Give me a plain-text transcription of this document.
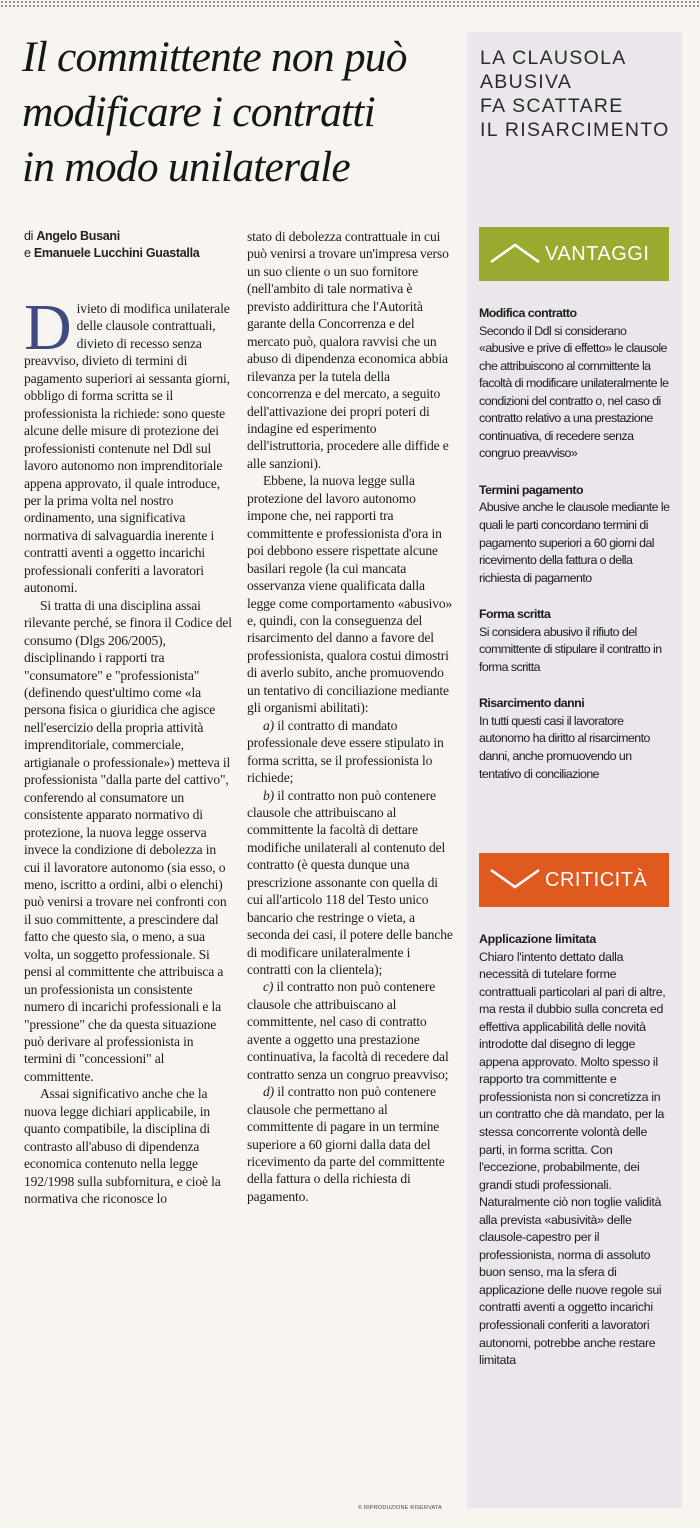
Il committente non può
modificare i contratti
in modo unilaterale
di Angelo Busani
e Emanuele Lucchini Guastalla

Divieto di modifica unilaterale delle clausole contrattuali, divieto di recesso senza preavviso, divieto di termini di pagamento superiori ai sessanta giorni, obbligo di forma scritta se il professionista la richiede: sono queste alcune delle misure di protezione dei professionisti contenute nel Ddl sul lavoro autonomo non imprenditoriale appena approvato, il quale introduce, per la prima volta nel nostro ordinamento, una significativa normativa di salvaguardia inerente i contratti aventi a oggetto incarichi professionali conferiti a lavoratori autonomi.

Si tratta di una disciplina assai rilevante perché, se finora il Codice del consumo (Dlgs 206/2005), disciplinando i rapporti tra "consumatore" e "professionista" (definendo quest'ultimo come «la persona fisica o giuridica che agisce nell'esercizio della propria attività imprenditoriale, commerciale, artigianale o professionale») metteva il professionista "dalla parte del cattivo", conferendo al consumatore un consistente apparato normativo di protezione, la nuova legge osserva invece la condizione di debolezza in cui il lavoratore autonomo (sia esso, o meno, iscritto a ordini, albi o elenchi) può venirsi a trovare nei confronti con il suo committente, a prescindere dal fatto che questo sia, o meno, a sua volta, un soggetto professionale. Si pensi al committente che attribuisca a un professionista un consistente numero di incarichi professionali e la "pressione" che da questa situazione può derivare al professionista in termini di "concessioni" al committente.

Assai significativo anche che la nuova legge dichiari applicabile, in quanto compatibile, la disciplina di contrasto all'abuso di dipendenza economica contenuto nella legge 192/1998 sulla subfornitura, e cioè la normativa che riconosce lo

stato di debolezza contrattuale in cui può venirsi a trovare un'impresa verso un suo cliente o un suo fornitore (nell'ambito di tale normativa è previsto addirittura che l'Autorità garante della Concorrenza e del mercato può, qualora ravvisi che un abuso di dipendenza economica abbia rilevanza per la tutela della concorrenza e del mercato, a seguito dell'attivazione dei propri poteri di indagine ed esperimento dell'istruttoria, procedere alle diffide e alle sanzioni).

Ebbene, la nuova legge sulla protezione del lavoro autonomo impone che, nei rapporti tra committente e professionista d'ora in poi debbono essere rispettate alcune basilari regole (la cui mancata osservanza viene qualificata dalla legge come comportamento «abusivo» e, quindi, con la conseguenza del risarcimento del danno a favore del professionista, qualora costui dimostri di averlo subito, anche promuovendo un tentativo di conciliazione mediante gli organismi abilitati):

a) il contratto di mandato professionale deve essere stipulato in forma scritta, se il professionista lo richiede;

b) il contratto non può contenere clausole che attribuiscano al committente la facoltà di dettare modifiche unilaterali al contenuto del contratto (è questa dunque una prescrizione assonante con quella di cui all'articolo 118 del Testo unico bancario che restringe o vieta, a seconda dei casi, il potere delle banche di modificare unilateralmente i contratti con la clientela);

c) il contratto non può contenere clausole che attribuiscano al committente, nel caso di contratto avente a oggetto una prestazione continuativa, la facoltà di recedere dal contratto senza un congruo preavviso;

d) il contratto non può contenere clausole che permettano al committente di pagare in un termine superiore a 60 giorni dalla data del ricevimento da parte del committente della fattura o della richiesta di pagamento.

© RIPRODUZIONE RISERVATA
LA CLAUSOLA
ABUSIVA
FA SCATTARE
IL RISARCIMENTO
VANTAGGI
Modifica contratto
Secondo il Ddl si considerano «abusive e prive di effetto» le clausole che attribuiscono al committente la facoltà di modificare unilateralmente le condizioni del contratto o, nel caso di contratto relativo a una prestazione continuativa, di recedere senza congruo preavviso»
Termini pagamento
Abusive anche le clausole mediante le quali le parti concordano termini di pagamento superiori a 60 giorni dal ricevimento della fattura o della richiesta di pagamento
Forma scritta
Si considera abusivo il rifiuto del committente di stipulare il contratto in forma scritta
Risarcimento danni
In tutti questi casi il lavoratore autonomo ha diritto al risarcimento danni, anche promuovendo un tentativo di conciliazione
CRITICITÀ
Applicazione limitata
Chiaro l'intento dettato dalla necessità di tutelare forme contrattuali particolari al pari di altre, ma resta il dubbio sulla concreta ed effettiva applicabilità delle novità introdotte dal disegno di legge appena approvato. Molto spesso il rapporto tra committente e professionista non si concretizza in un contratto che dà mandato, per la stessa concorrente volontà delle parti, in forma scritta. Con l'eccezione, probabilmente, dei grandi studi professionali. Naturalmente ciò non toglie validità alla prevista «abusività» delle clausole-capestro per il professionista, norma di assoluto buon senso, ma la sfera di applicazione delle nuove regole sui contratti aventi a oggetto incarichi professionali conferiti a lavoratori autonomi, potrebbe anche restare limitata
